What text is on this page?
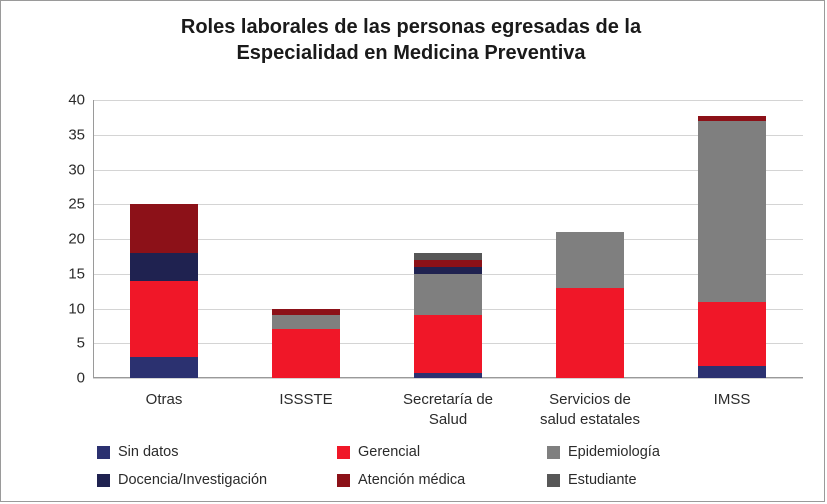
Roles laborales de las personas egresadas de la
Especialidad en Medicina Preventiva
0
5
10
15
20
25
30
35
40
Otras	ISSSTE	Secretaría de
Salud
Servicios de
salud estatales
IMSS
Sin datos	Gerencial	Epidemiología
Docencia/Investigación	Atención médica	Estudiante
